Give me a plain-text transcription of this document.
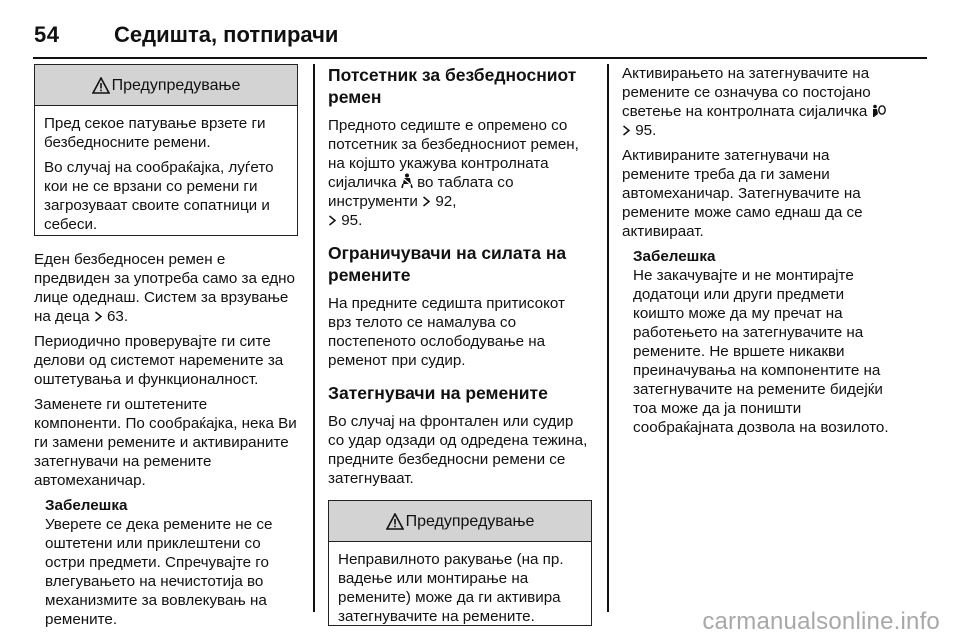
54 Седишта, потпирачи
Предупредување

Пред секое патување врзете ги безбедносните ремени.

Во случај на сообраќајка, луѓето кои не се врзани со ремени ги загрозуваат своите сопатници и себеси.

Еден безбедносен ремен е предвиден за употреба само за едно лице одеднаш. Систем за врзување на деца 63.

Периодично проверувајте ги сите делови од системот наремените за оштетувања и функционалност.

Заменете ги оштетените компоненти. По сообраќајка, нека Ви ги замени ремените и активираните затегнувачи на ремените автомеханичар.

Забелешка
Уверете се дека ремените не се оштетени или приклештени со остри предмети. Спречувајте го влегувањето на нечистотија во механизмите за вовлекувањ на ремените.
Потсетник за безбедносниот ремен

Предното седиште е опремено со потсетник за безбедносниот ремен, на којшто укажува контролната сијаличка во таблата со инструменти 92,
95.

Ограничувачи на силата на ремените

На предните седишта притисокот врз телото се намалува со постепеното ослободување на ременот при судир.

Затегнувачи на ремените

Во случај на фронтален или судир со удар одзади од одредена тежина, предните безбедносни ремени се затегнуваат.

Предупредување

Неправилното ракување (на пр. вадење или монтирање на ремените) може да ги активира затегнувачите на ремените.

Активирањето на затегнувачите на ремените се означува со постојано светење на контролната сијаличка   95.

Активираните затегнувачи на ремените треба да ги замени автомеханичар. Затегнувачите на ремените може само еднаш да се активираат.

Забелешка
Не закачувајте и не монтирајте додатоци или други предмети коишто може да му пречат на работењето на затегнувачите на ремените. Не вршете никакви преиначувања на компонентите на затегнувачите на ремените бидејќи тоа може да ја поништи сообраќајната дозвола на возилото.
carmanualsonline.info
